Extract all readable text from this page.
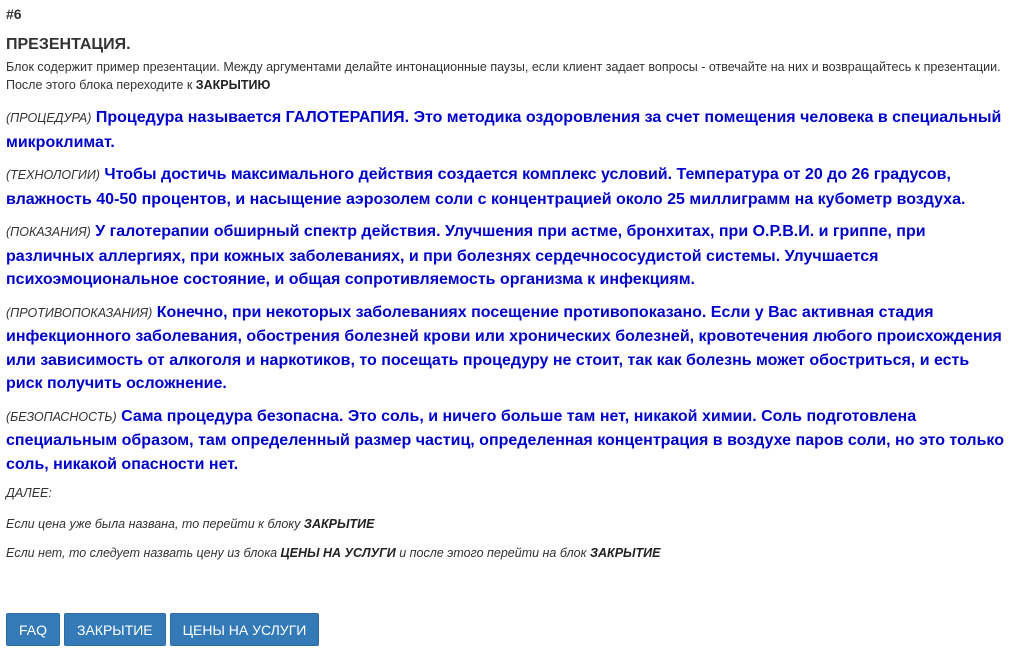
#6
ПРЕЗЕНТАЦИЯ.
Блок содержит пример презентации. Между аргументами делайте интонационные паузы, если клиент задает вопросы - отвечайте на них и возвращайтесь к презентации. После этого блока переходите к ЗАКРЫТИЮ
(ПРОЦЕДУРА) Процедура называется ГАЛОТЕРАПИЯ. Это методика оздоровления за счет помещения человека в специальный микроклимат.
(ТЕХНОЛОГИИ) Чтобы достичь максимального действия создается комплекс условий. Температура от 20 до 26 градусов, влажность 40-50 процентов, и насыщение аэрозолем соли с концентрацией около 25 миллиграмм на кубометр воздуха.
(ПОКАЗАНИЯ) У галотерапии обширный спектр действия. Улучшения при астме, бронхитах, при О.Р.В.И. и гриппе, при различных аллергиях, при кожных заболеваниях, и при болезнях сердечнососудистой системы. Улучшается психоэмоциональное состояние, и общая сопротивляемость организма к инфекциям.
(ПРОТИВОПОКАЗАНИЯ) Конечно, при некоторых заболеваниях посещение противопоказано. Если у Вас активная стадия инфекционного заболевания, обострения болезней крови или хронических болезней, кровотечения любого происхождения или зависимость от алкоголя и наркотиков, то посещать процедуру не стоит, так как болезнь может обостриться, и есть риск получить осложнение.
(БЕЗОПАСНОСТЬ) Сама процедура безопасна. Это соль, и ничего больше там нет, никакой химии. Соль подготовлена специальным образом, там определенный размер частиц, определенная концентрация в воздухе паров соли, но это только соль, никакой опасности нет.

ДАЛЕЕ:

Если цена уже была названа, то перейти к блоку ЗАКРЫТИЕ

Если нет, то следует назвать цену из блока ЦЕНЫ НА УСЛУГИ и после этого перейти на блок ЗАКРЫТИЕ

FAQ	ЗАКРЫТИЕ	ЦЕНЫ НА УСЛУГИ
